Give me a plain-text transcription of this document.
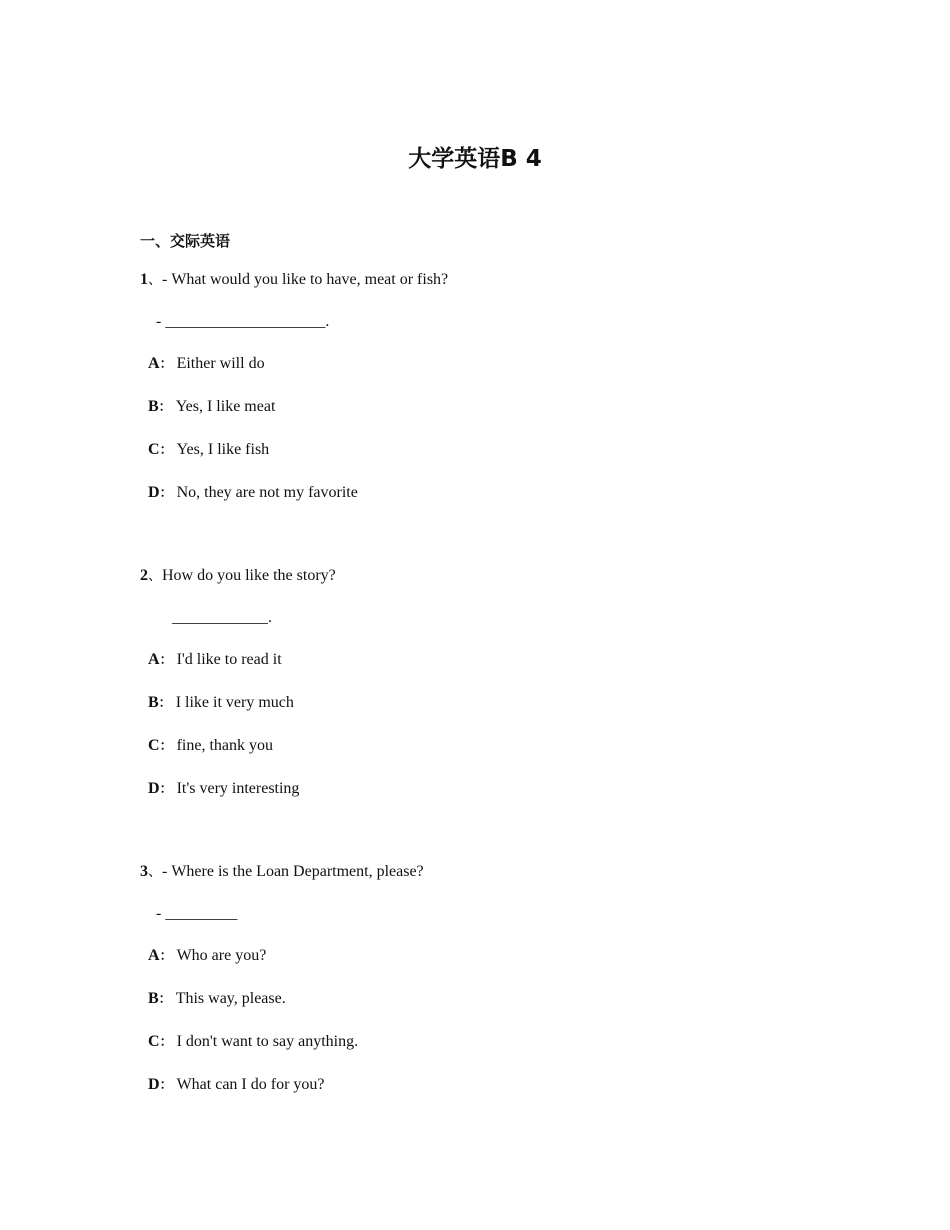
大学英语B 4
一、交际英语
1、- What would you like to have, meat or fish?
- ____________________.
A： Either will do
B： Yes, I like meat
C： Yes, I like fish
D： No, they are not my favorite
2、How do you like the story?
____________.
A： I'd like to read it
B： I like it very much
C： fine, thank you
D： It's very interesting
3、- Where is the Loan Department, please?
- _________
A： Who are you?
B： This way, please.
C： I don't want to say anything.
D： What can I do for you?
